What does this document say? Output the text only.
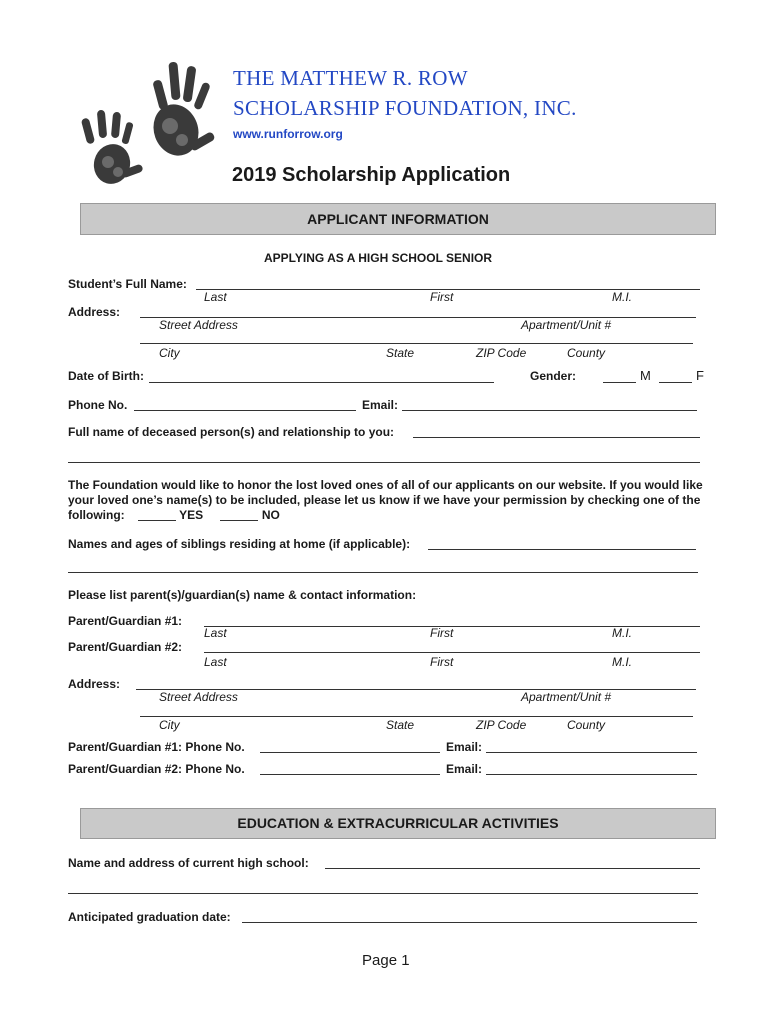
THE MATTHEW R. ROW
SCHOLARSHIP FOUNDATION, INC.
www.runforrow.org
2019 Scholarship Application
APPLICANT INFORMATION
APPLYING AS A HIGH SCHOOL SENIOR
Student’s Full Name:
Last	First	M.I.
Address:
Street Address	Apartment/Unit #
City	State	ZIP Code	County
Date of Birth:	Gender:	M	F
Phone No.	Email:
Full name of deceased person(s) and relationship to you:
The Foundation would like to honor the lost loved ones of all of our applicants on our website. If you would like your loved one’s name(s) to be included, please let us know if we have your permission by checking one of the following:	YES	NO
Names and ages of siblings residing at home (if applicable):
Please list parent(s)/guardian(s) name & contact information:
Parent/Guardian #1:
Last	First	M.I.
Parent/Guardian #2:
Last	First	M.I.
Address:
Street Address	Apartment/Unit #
City	State	ZIP Code	County
Parent/Guardian #1: Phone No.	Email:
Parent/Guardian #2: Phone No.	Email:
EDUCATION & EXTRACURRICULAR ACTIVITIES
Name and address of current high school:
Anticipated graduation date:
Page 1
